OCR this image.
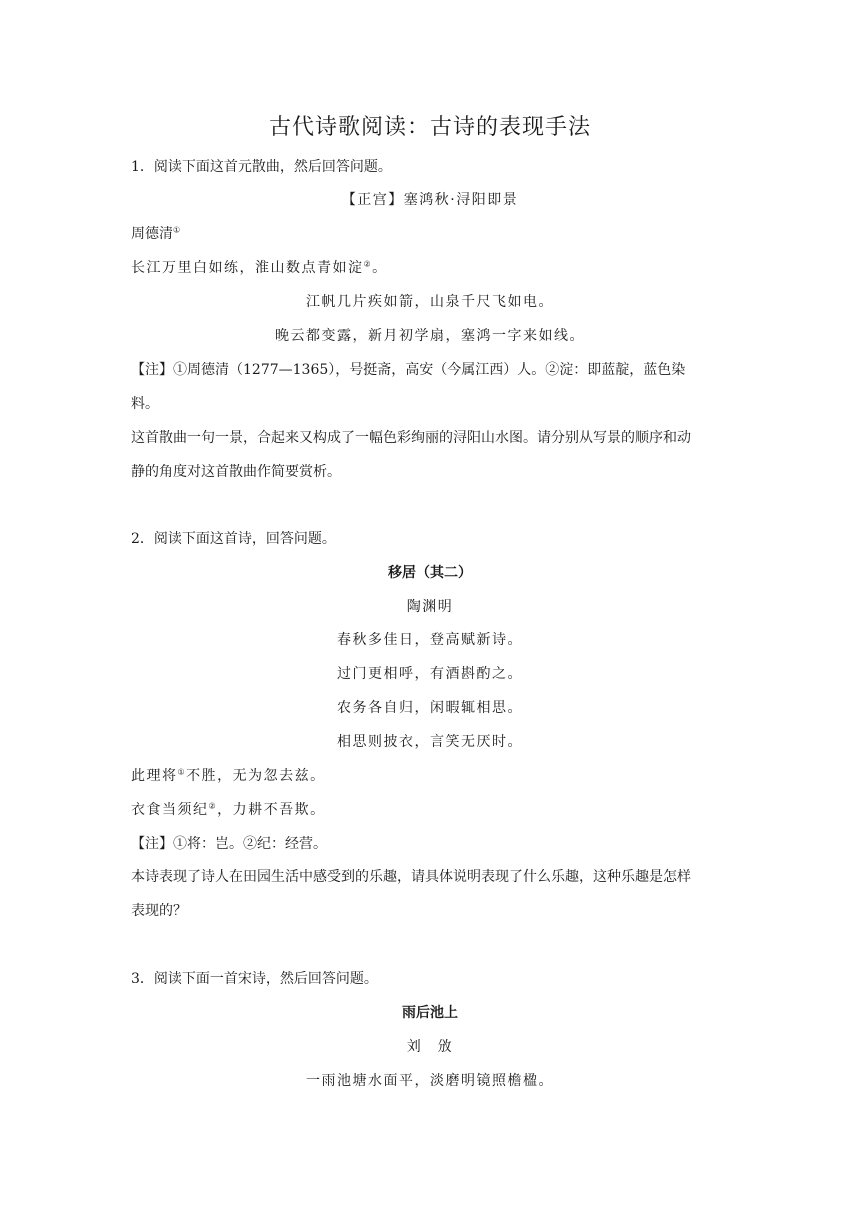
古代诗歌阅读：古诗的表现手法
1．阅读下面这首元散曲，然后回答问题。
【正宫】塞鸿秋·浔阳即景
周德清①
长江万里白如练，淮山数点青如淀②。
江帆几片疾如箭，山泉千尺飞如电。
晚云都变露，新月初学扇，塞鸿一字来如线。
【注】①周德清（1277—1365），号挺斋，高安（今属江西）人。②淀：即蓝靛，蓝色染
料。
这首散曲一句一景，合起来又构成了一幅色彩绚丽的浔阳山水图。请分别从写景的顺序和动
静的角度对这首散曲作简要赏析。
2．阅读下面这首诗，回答问题。
移居（其二）
陶渊明
春秋多佳日，登高赋新诗。
过门更相呼，有酒斟酌之。
农务各自归，闲暇辄相思。
相思则披衣，言笑无厌时。
此理将①不胜，无为忽去兹。
衣食当须纪②，力耕不吾欺。
【注】①将：岂。②纪：经营。
本诗表现了诗人在田园生活中感受到的乐趣，请具体说明表现了什么乐趣，这种乐趣是怎样
表现的？
3．阅读下面一首宋诗，然后回答问题。
雨后池上
刘　攽
一雨池塘水面平，淡磨明镜照檐楹。
